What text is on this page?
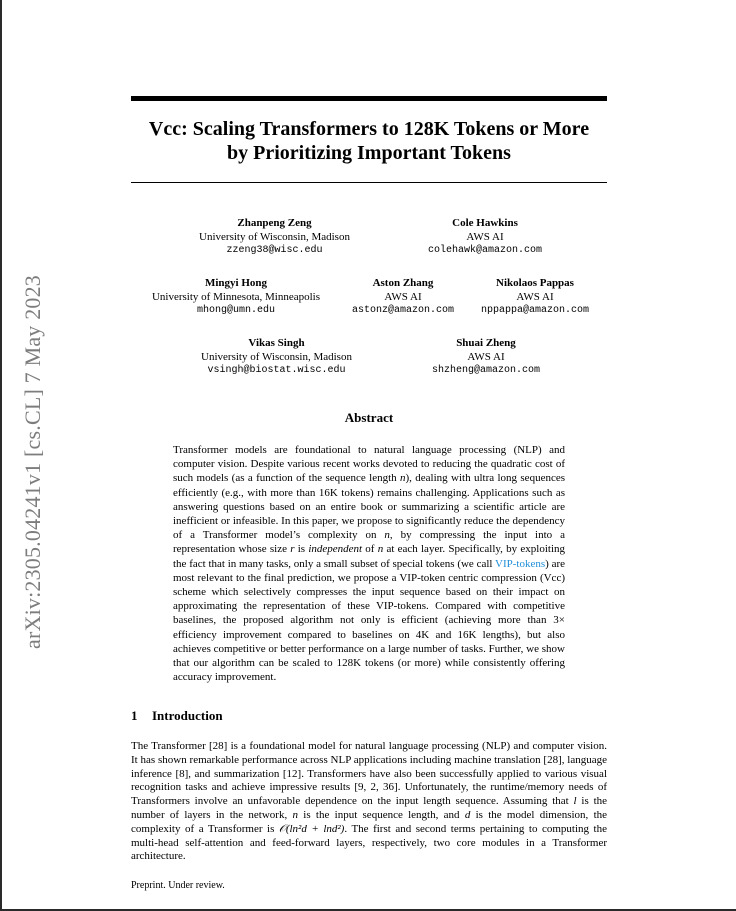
arXiv:2305.04241v1 [cs.CL] 7 May 2023
Vcc: Scaling Transformers to 128K Tokens or More
by Prioritizing Important Tokens
Zhanpeng Zeng
University of Wisconsin, Madison
zzeng38@wisc.edu
Cole Hawkins
AWS AI
colehawk@amazon.com
Mingyi Hong
University of Minnesota, Minneapolis
mhong@umn.edu
Aston Zhang
AWS AI
astonz@amazon.com
Nikolaos Pappas
AWS AI
nppappa@amazon.com
Vikas Singh
University of Wisconsin, Madison
vsingh@biostat.wisc.edu
Shuai Zheng
AWS AI
shzheng@amazon.com
Abstract
Transformer models are foundational to natural language processing (NLP) and computer vision. Despite various recent works devoted to reducing the quadratic cost of such models (as a function of the sequence length n), dealing with ultra long sequences efficiently (e.g., with more than 16K tokens) remains challenging. Applications such as answering questions based on an entire book or summarizing a scientific article are inefficient or infeasible. In this paper, we propose to significantly reduce the dependency of a Transformer model’s complexity on n, by compressing the input into a representation whose size r is independent of n at each layer. Specifically, by exploiting the fact that in many tasks, only a small subset of special tokens (we call VIP-tokens) are most relevant to the final prediction, we propose a VIP-token centric compression (Vcc) scheme which selectively compresses the input sequence based on their impact on approximating the representation of these VIP-tokens. Compared with competitive baselines, the proposed algorithm not only is efficient (achieving more than 3× efficiency improvement compared to baselines on 4K and 16K lengths), but also achieves competitive or better performance on a large number of tasks. Further, we show that our algorithm can be scaled to 128K tokens (or more) while consistently offering accuracy improvement.
1 Introduction
The Transformer [28] is a foundational model for natural language processing (NLP) and computer vision. It has shown remarkable performance across NLP applications including machine translation [28], language inference [8], and summarization [12]. Transformers have also been successfully applied to various visual recognition tasks and achieve impressive results [9, 2, 36]. Unfortunately, the runtime/memory needs of Transformers involve an unfavorable dependence on the input length sequence. Assuming that l is the number of layers in the network, n is the input sequence length, and d is the model dimension, the complexity of a Transformer is 𝒪(ln²d + lnd²). The first and second terms pertaining to computing the multi-head self-attention and feed-forward layers, respectively, two core modules in a Transformer architecture.
Preprint. Under review.
